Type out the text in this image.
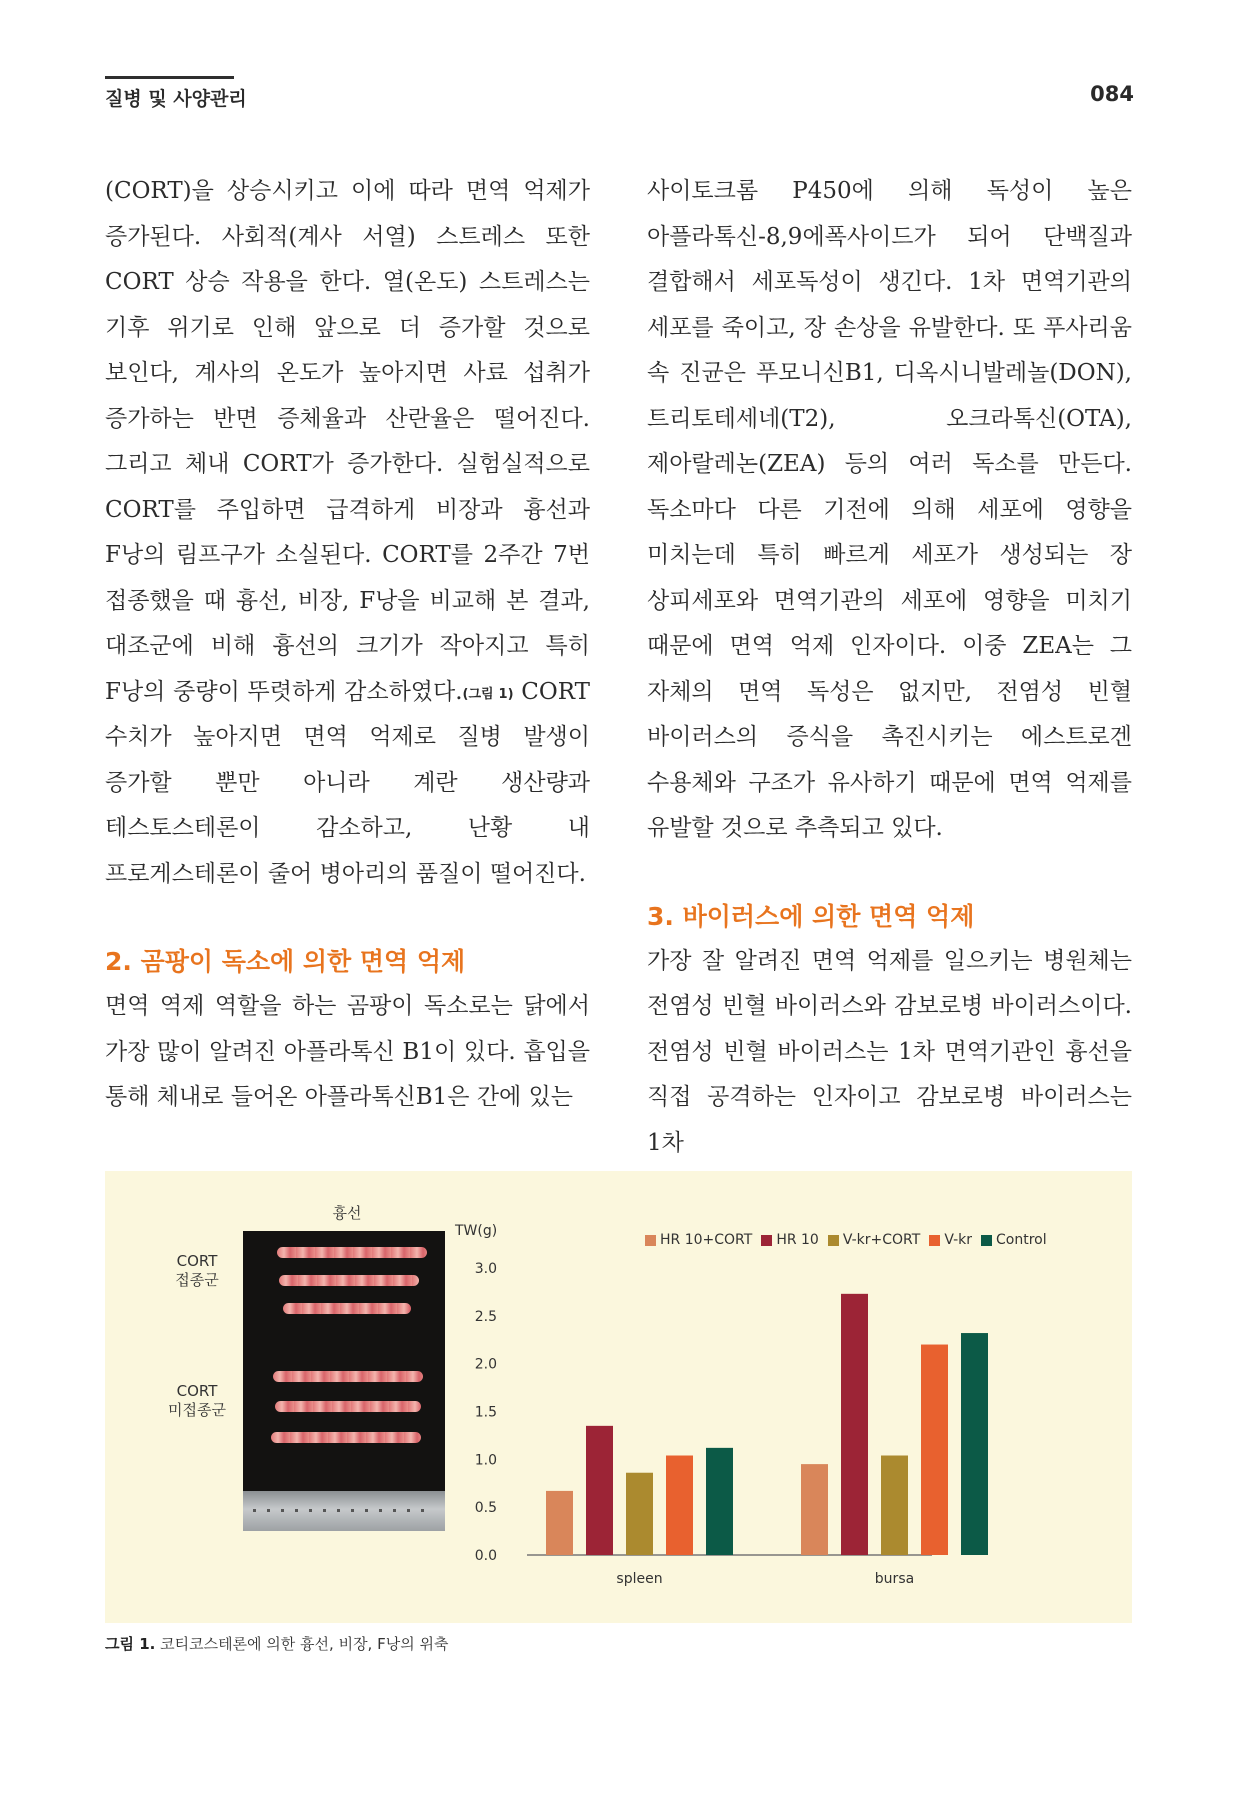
질병 및 사양관리	084

(CORT)을 상승시키고 이에 따라 면역 억제가 증가된다. 사회적(계사 서열) 스트레스 또한 CORT 상승 작용을 한다. 열(온도) 스트레스는 기후 위기로 인해 앞으로 더 증가할 것으로 보인다, 계사의 온도가 높아지면 사료 섭취가 증가하는 반면 증체율과 산란율은 떨어진다. 그리고 체내 CORT가 증가한다. 실험실적으로 CORT를 주입하면 급격하게 비장과 흉선과 F낭의 림프구가 소실된다. CORT를 2주간 7번 접종했을 때 흉선, 비장, F낭을 비교해 본 결과, 대조군에 비해 흉선의 크기가 작아지고 특히 F낭의 중량이 뚜렷하게 감소하였다.$^{(그림 1)}$ CORT 수치가 높아지면 면역 억제로 질병 발생이 증가할 뿐만 아니라 계란 생산량과 테스토스테론이 감소하고, 난황 내 프로게스테론이 줄어 병아리의 품질이 떨어진다.

2. 곰팡이 독소에 의한 면역 억제

면역 역제 역할을 하는 곰팡이 독소로는 닭에서 가장 많이 알려진 아플라톡신 B1이 있다. 흡입을 통해 체내로 들어온 아플라톡신B1은 간에 있는

사이토크롬 P450에 의해 독성이 높은 아플라톡신-8,9에폭사이드가 되어 단백질과 결합해서 세포독성이 생긴다. 1차 면역기관의 세포를 죽이고, 장 손상을 유발한다. 또 푸사리움 속 진균은 푸모니신B1, 디옥시니발레놀(DON), 트리토테세네(T2), 오크라톡신(OTA), 제아랄레논(ZEA) 등의 여러 독소를 만든다. 독소마다 다른 기전에 의해 세포에 영향을 미치는데 특히 빠르게 세포가 생성되는 장 상피세포와 면역기관의 세포에 영향을 미치기 때문에 면역 억제 인자이다. 이중 ZEA는 그 자체의 면역 독성은 없지만, 전염성 빈혈 바이러스의 증식을 촉진시키는 에스트로겐 수용체와 구조가 유사하기 때문에 면역 억제를 유발할 것으로 추측되고 있다.

3. 바이러스에 의한 면역 억제

가장 잘 알려진 면역 억제를 일으키는 병원체는 전염성 빈혈 바이러스와 감보로병 바이러스이다. 전염성 빈혈 바이러스는 1차 면역기관인 흉선을 직접 공격하는 인자이고 감보로병 바이러스는 1차

흉선
CORT
접종군
CORT
미접종군
HR 10+CORT HR 10 V-kr+CORT V-kr Control
TW(g)
3.0
2.5
2.0
1.5
1.0
0.5
0.0
spleen	bursa
그림 1. 코티코스테론에 의한 흉선, 비장, F낭의 위축
